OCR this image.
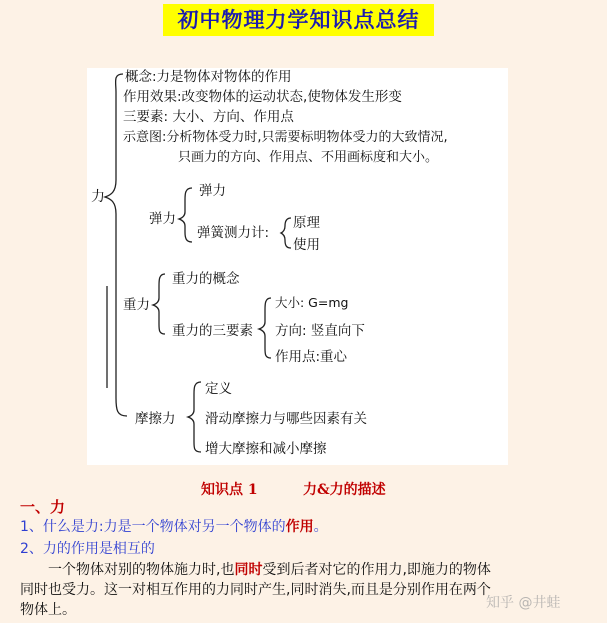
初中物理力学知识点总结
力
概念:力是物体对物体的作用
作用效果:改变物体的运动状态,使物体发生形变
三要素: 大小、方向、作用点
示意图:分析物体受力时,只需要标明物体受力的大致情况,
只画力的方向、作用点、不用画标度和大小。
弹力
弹力
弹簧测力计:
原理
使用
重力
重力的概念
重力的三要素
大小: G=mg
方向: 竖直向下
作用点:重心
摩擦力
定义
滑动摩擦力与哪些因素有关
增大摩擦和减小摩擦
知识点 1	力&力的描述
一、力
1、什么是力:力是一个物体对另一个物体的作用。
2、力的作用是相互的
一个物体对别的物体施力时,也同时受到后者对它的作用力,即施力的物体
同时也受力。这一对相互作用的力同时产生,同时消失,而且是分别作用在两个
物体上。	知乎 @井蛙
